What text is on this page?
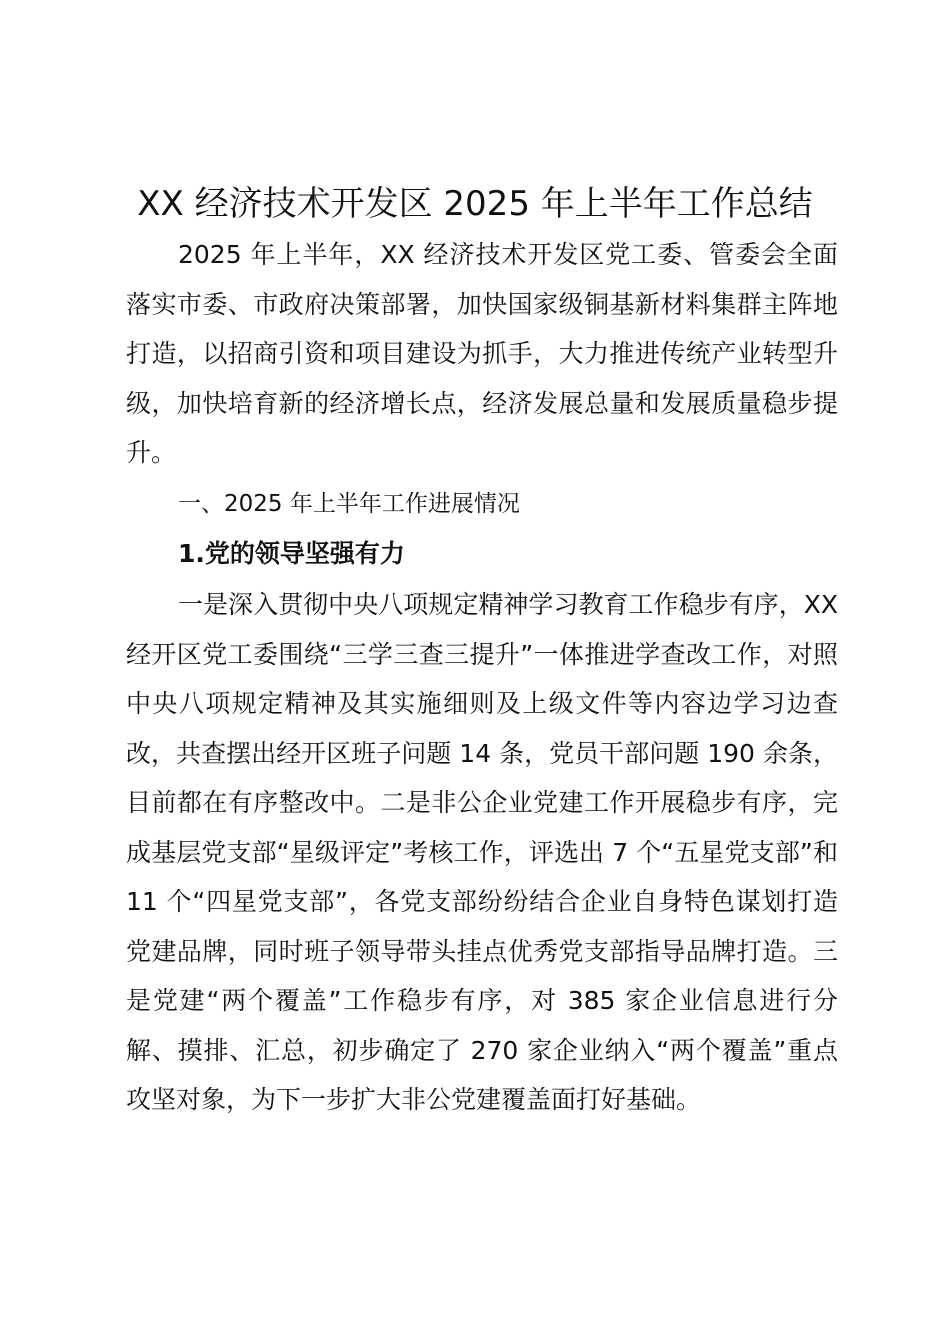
XX 经济技术开发区 2025 年上半年工作总结

2025 年上半年，XX 经济技术开发区党工委、管委会全面落实市委、市政府决策部署，加快国家级铜基新材料集群主阵地打造，以招商引资和项目建设为抓手，大力推进传统产业转型升级，加快培育新的经济增长点，经济发展总量和发展质量稳步提升。

一、2025 年上半年工作进展情况

1.党的领导坚强有力

一是深入贯彻中央八项规定精神学习教育工作稳步有序，XX 经开区党工委围绕“三学三查三提升”一体推进学查改工作，对照中央八项规定精神及其实施细则及上级文件等内容边学习边查改，共查摆出经开区班子问题 14 条，党员干部问题 190 余条，目前都在有序整改中。二是非公企业党建工作开展稳步有序，完成基层党支部“星级评定”考核工作，评选出 7 个“五星党支部”和 11 个“四星党支部”，各党支部纷纷结合企业自身特色谋划打造党建品牌，同时班子领导带头挂点优秀党支部指导品牌打造。三是党建“两个覆盖”工作稳步有序，对 385 家企业信息进行分解、摸排、汇总，初步确定了 270 家企业纳入“两个覆盖”重点攻坚对象，为下一步扩大非公党建覆盖面打好基础。
